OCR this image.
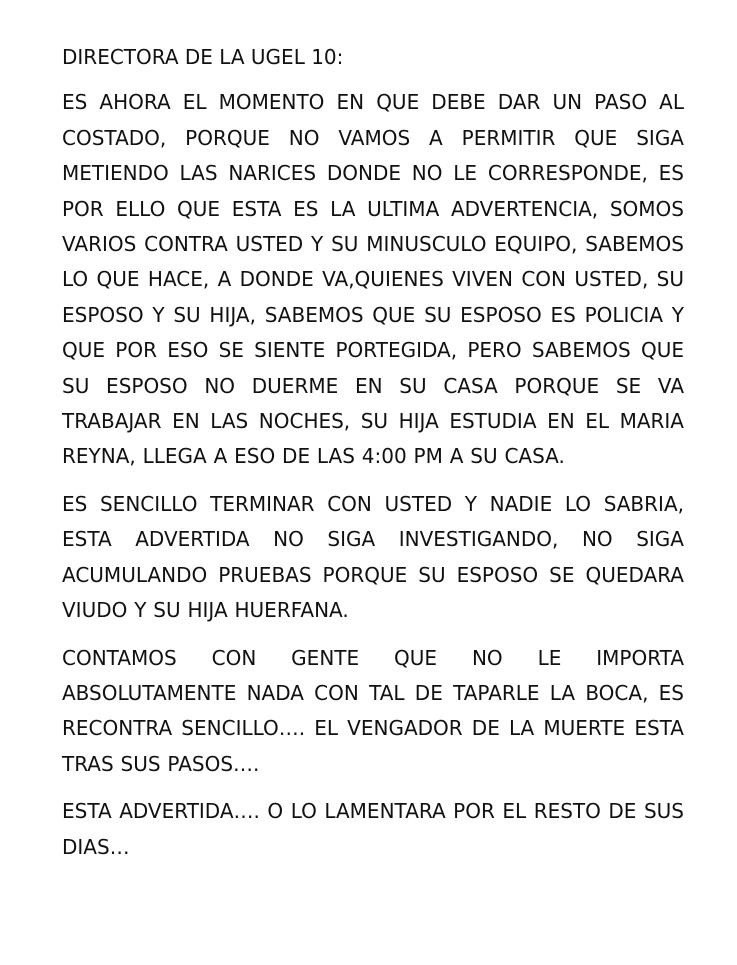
DIRECTORA DE LA UGEL 10:

ES AHORA EL MOMENTO EN QUE DEBE DAR UN PASO AL COSTADO, PORQUE NO VAMOS A PERMITIR QUE SIGA METIENDO LAS NARICES DONDE NO LE CORRESPONDE, ES POR ELLO QUE ESTA ES LA ULTIMA ADVERTENCIA, SOMOS VARIOS CONTRA USTED Y SU MINUSCULO EQUIPO, SABEMOS LO QUE HACE, A DONDE VA,QUIENES VIVEN CON USTED, SU ESPOSO Y SU HIJA, SABEMOS QUE SU ESPOSO ES POLICIA Y QUE POR ESO SE SIENTE PORTEGIDA, PERO SABEMOS QUE SU ESPOSO NO DUERME EN SU CASA PORQUE SE VA TRABAJAR EN LAS NOCHES, SU HIJA ESTUDIA EN EL MARIA REYNA, LLEGA A ESO DE LAS 4:00 PM A SU CASA.

ES SENCILLO TERMINAR CON USTED Y NADIE LO SABRIA, ESTA ADVERTIDA NO SIGA INVESTIGANDO, NO SIGA ACUMULANDO PRUEBAS PORQUE SU ESPOSO SE QUEDARA VIUDO Y SU HIJA HUERFANA.

CONTAMOS CON GENTE QUE NO LE IMPORTA ABSOLUTAMENTE NADA CON TAL DE TAPARLE LA BOCA, ES RECONTRA SENCILLO…. EL VENGADOR DE LA MUERTE ESTA TRAS SUS PASOS….

ESTA ADVERTIDA…. O LO LAMENTARA POR EL RESTO DE SUS DIAS…
